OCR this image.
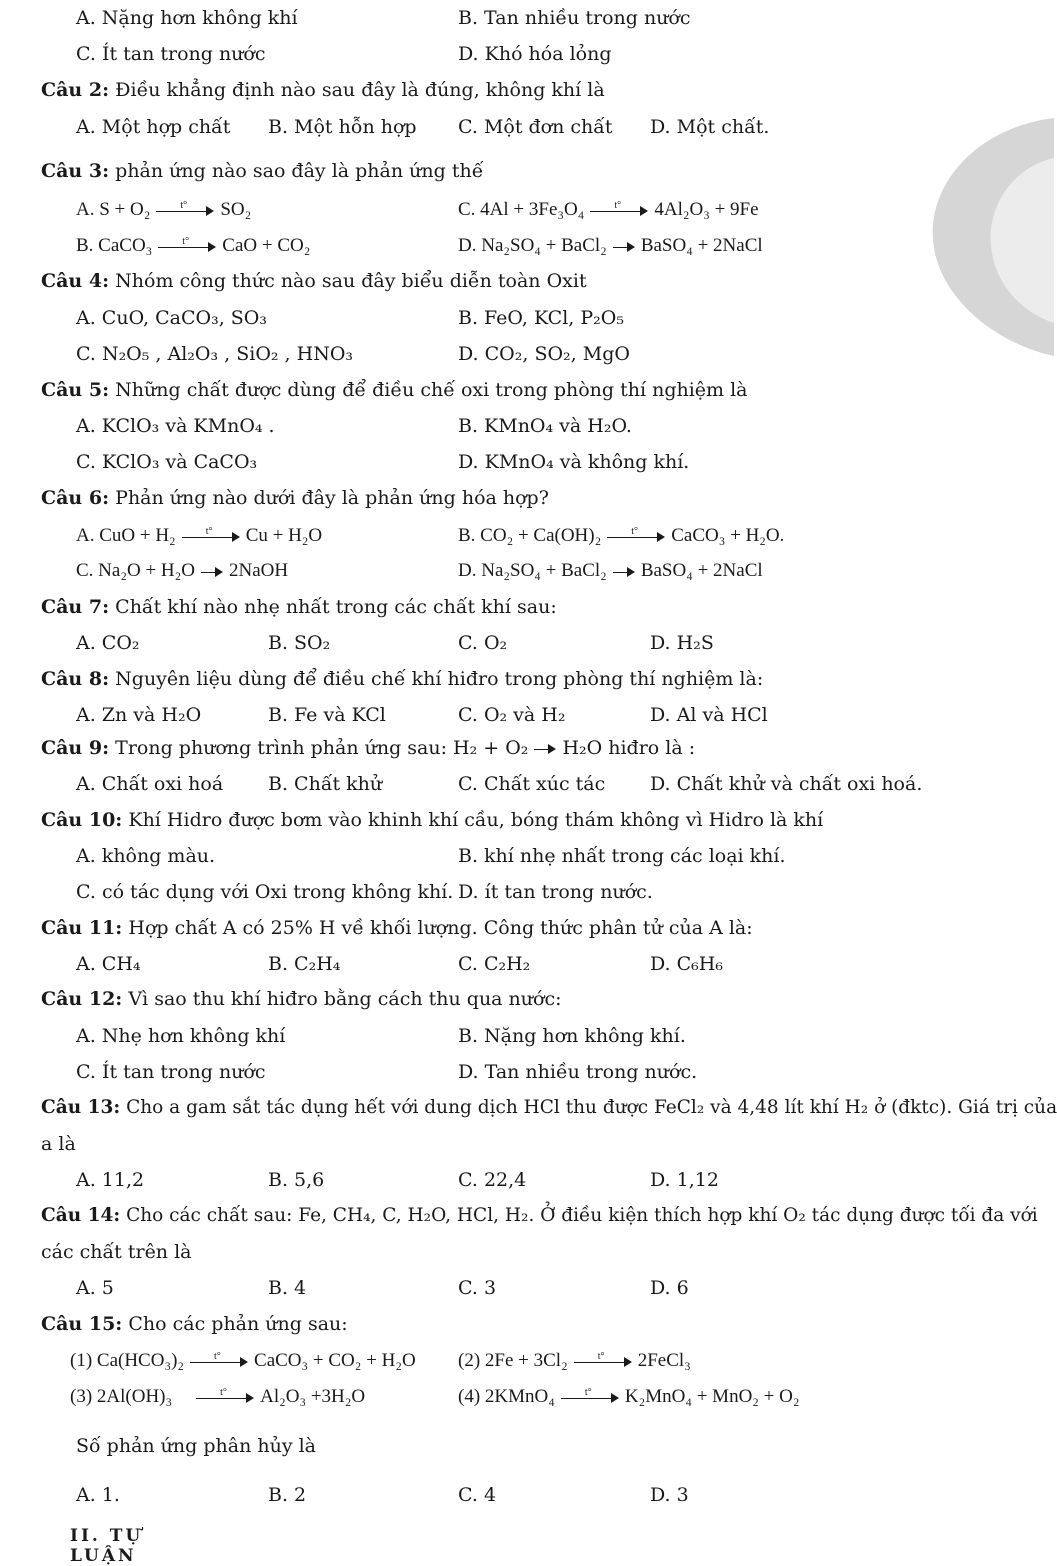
A. Nặng hơn không khí	B. Tan nhiều trong nước
C. Ít tan trong nước	D. Khó hóa lỏng
Câu 2: Điều khẳng định nào sau đây là đúng, không khí là
A. Một hợp chất B. Một hỗn hợp C. Một đơn chất D. Một chất.
Câu 3: phản ứng nào sao đây là phản ứng thế
A. S + O₂	t° SO₂	C. 4Al + 3Fe₃O₄	t° 4Al₂O₃ + 9Fe
B. CaCO₃	t° CaO + CO₂	D. Na₂SO₄ + BaCl₂ BaSO₄ + 2NaCl
Câu 4: Nhóm công thức nào sau đây biểu diễn toàn Oxit
A. CuO, CaCO₃, SO₃	B. FeO, KCl, P₂O₅
C. N₂O₅ , Al₂O₃ , SiO₂ , HNO₃	D. CO₂, SO₂, MgO
Câu 5: Những chất được dùng để điều chế oxi trong phòng thí nghiệm là
A. KClO₃ và KMnO₄ .	B. KMnO₄ và H₂O.
C. KClO₃ và CaCO₃	D. KMnO₄ và không khí.
Câu 6: Phản ứng nào dưới đây là phản ứng hóa hợp?
A. CuO + H₂	t° Cu + H₂O	B. CO₂ + Ca(OH)₂	t° CaCO₃ + H₂O.
C. Na₂O + H₂O 2NaOH	D. Na₂SO₄ + BaCl₂ BaSO₄ + 2NaCl
Câu 7: Chất khí nào nhẹ nhất trong các chất khí sau:
A. CO₂	B. SO₂	C. O₂	D. H₂S
Câu 8: Nguyên liệu dùng để điều chế khí hiđro trong phòng thí nghiệm là:
A. Zn và H₂O	B. Fe và KCl	C. O₂ và H₂	D. Al và HCl
Câu 9: Trong phương trình phản ứng sau: H₂ + O₂ H₂O hiđro là :
A. Chất oxi hoá B. Chất khử	C. Chất xúc tác D. Chất khử và chất oxi hoá.
Câu 10: Khí Hidro được bơm vào khinh khí cầu, bóng thám không vì Hidro là khí
A. không màu.	B. khí nhẹ nhất trong các loại khí.
C. có tác dụng với Oxi trong không khí. D. ít tan trong nước.
Câu 11: Hợp chất A có 25% H về khối lượng. Công thức phân tử của A là:
A. CH₄	B. C₂H₄	C. C₂H₂	D. C₆H₆
Câu 12: Vì sao thu khí hiđro bằng cách thu qua nước:
A. Nhẹ hơn không khí	B. Nặng hơn không khí.
C. Ít tan trong nước	D. Tan nhiều trong nước.
Câu 13: Cho a gam sắt tác dụng hết với dung dịch HCl thu được FeCl₂ và 4,48 lít khí H₂ ở (đktc). Giá trị của
a là
A. 11,2	B. 5,6	C. 22,4	D. 1,12
Câu 14: Cho các chất sau: Fe, CH₄, C, H₂O, HCl, H₂. Ở điều kiện thích hợp khí O₂ tác dụng được tối đa với
các chất trên là
A. 5	B. 4	C. 3	D. 6
Câu 15: Cho các phản ứng sau:
(1) Ca(HCO₃)₂	t° CaCO₃ + CO₂ + H₂O (2) 2Fe + 3Cl₂	t° 2FeCl₃
(3) 2Al(OH)₃	t° Al₂O₃ +3H₂O	(4) 2KMnO₄	t° K₂MnO₄ + MnO₂ + O₂
Số phản ứng phân hủy là
A. 1.	B. 2	C. 4	D. 3
II. TỰ LUẬN
